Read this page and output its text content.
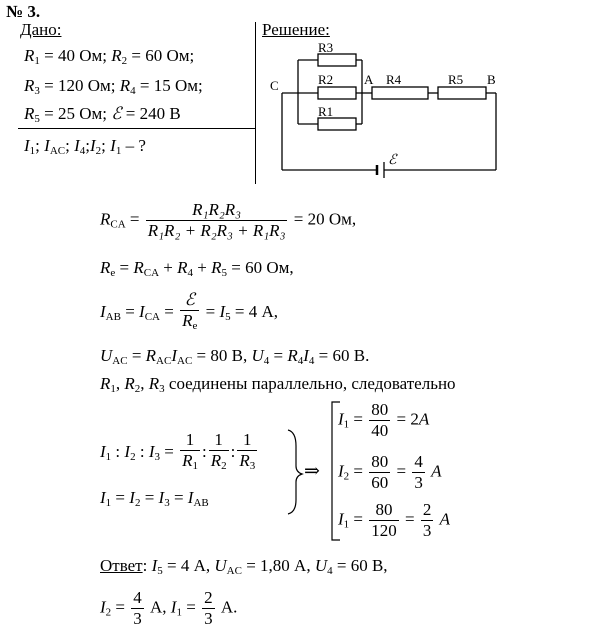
№ 3.
Дано:
$R_1 = 40$ Ом; $R_2 = 60$ Ом;
$R_3 = 120$ Ом; $R_4 = 15$ Ом;
$R_5 = 25$ Ом; ℰ = 240 В
$I_1$; $I_{AC}$; $I_4;I_2$; $I_1$ – ?
Решение:
R3
R2
R1
R4	R5
C	A	B
ℰ
$R_{CA} = \frac{\text{R₁R₂R₃}}{\text{R₁R₂ + R₂R₃ + R₁R₃}} = 20$ Ом,
$R_e = R_{CA} + R_4 + R_5 = 60$ Ом,
$I_{AB} = I_{CA} = \frac{\text{ℰ}}{R_e} = I_5 = 4$ А,
$U_{AC} = R_{AC}I_{AC} = 80$ В, $U_4 = R_4I_4 = 60$ В.
$R_1$, $R_2$, $R_3$ соединены параллельно, следовательно
$I_1$ : $I_2$ : $I_3 = \frac{1}{R_1}$ : $\frac{1}{R_2}$ : $\frac{1}{R_3}$
$I_1 = I_2 = I_3 = I_{AB}$
⇒
$I_1 = \frac{80}{40} = 2A$
$I_2 = \frac{80}{60} = \frac{4}{3}$ A
$I_1 = \frac{80}{120} = \frac{2}{3}$ A
Ответ: $I_5 = 4$ А, $U_{AC} = 1,80$ А, $U_4 = 60$ В,
$I_2 = \frac{4}{3} А$, $I_1 = \frac{2}{3} А$.
